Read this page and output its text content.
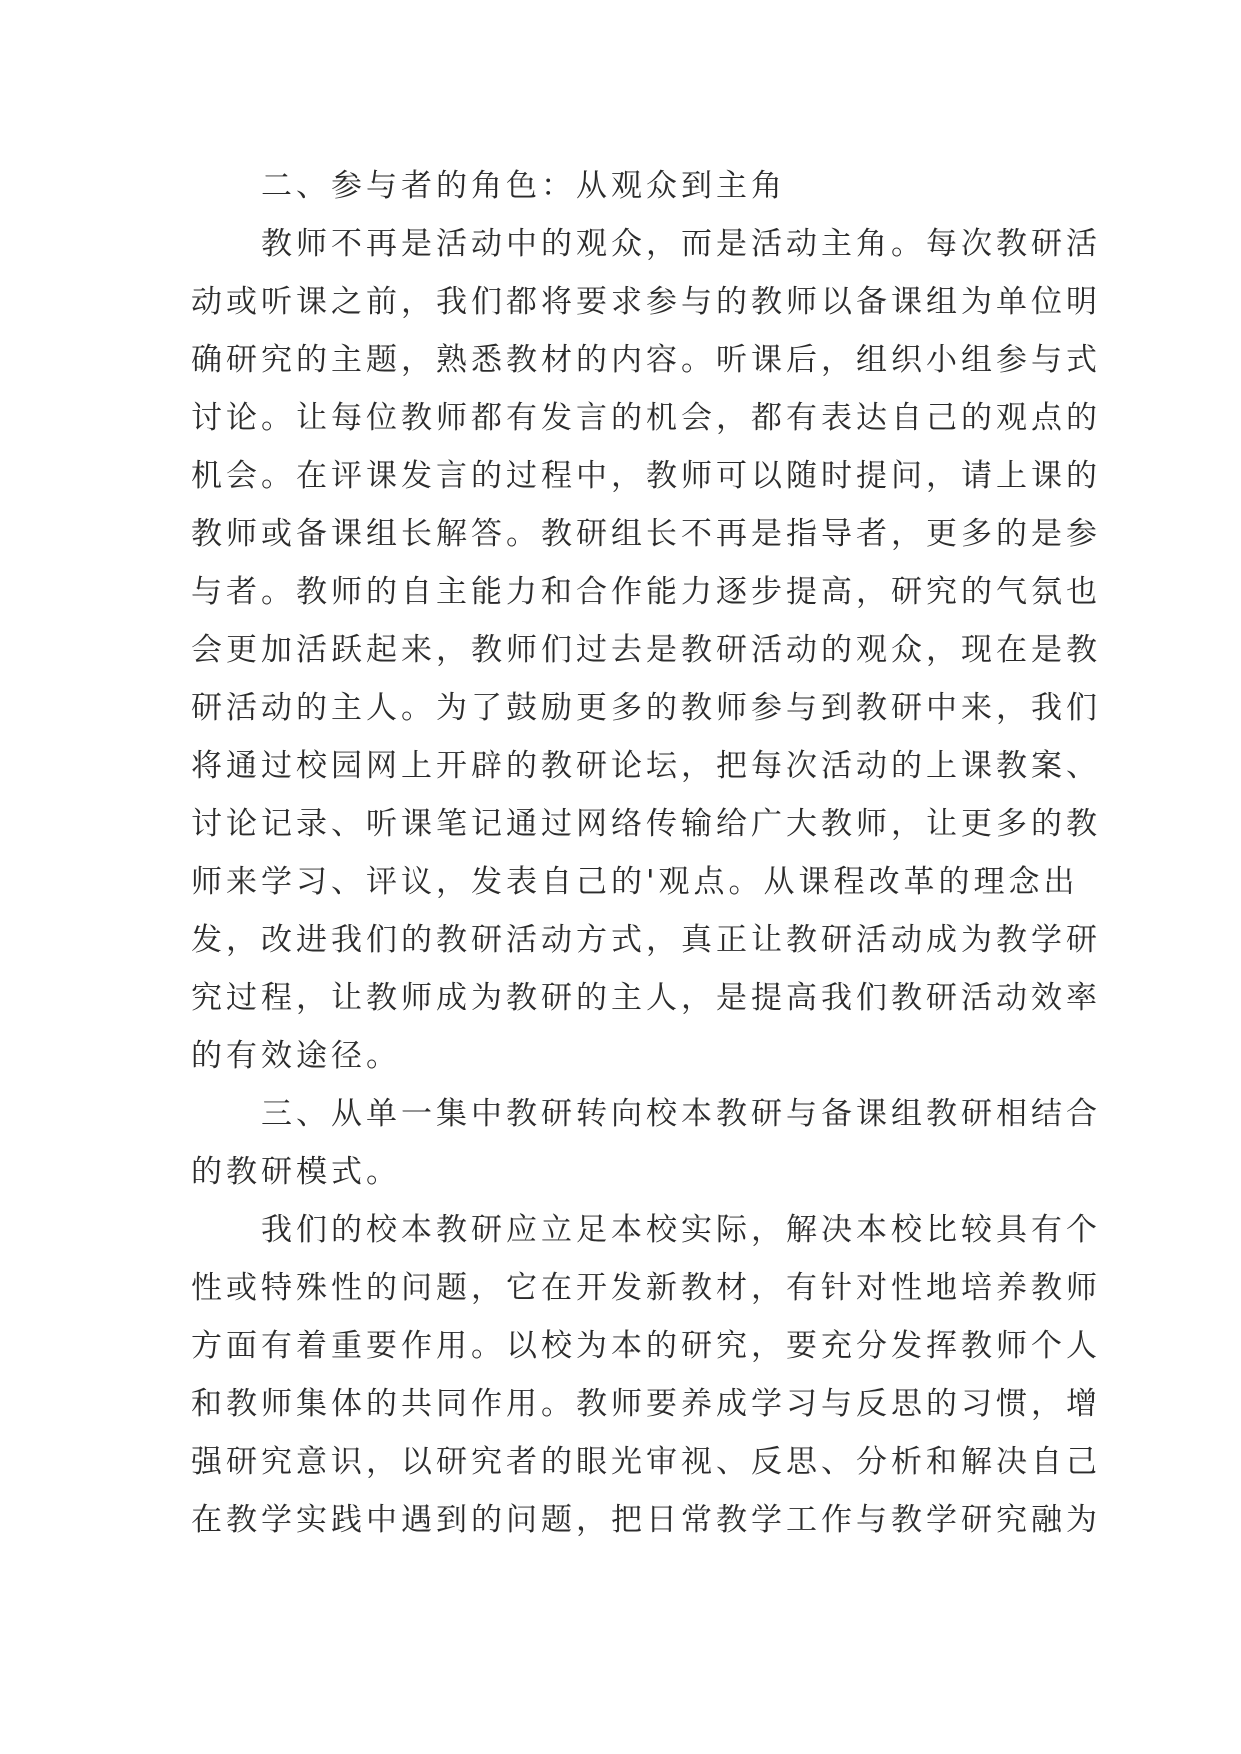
二、参与者的角色：从观众到主角
教师不再是活动中的观众，而是活动主角。每次教研活
动或听课之前，我们都将要求参与的教师以备课组为单位明
确研究的主题，熟悉教材的内容。听课后，组织小组参与式
讨论。让每位教师都有发言的机会，都有表达自己的观点的
机会。在评课发言的过程中，教师可以随时提问，请上课的
教师或备课组长解答。教研组长不再是指导者，更多的是参
与者。教师的自主能力和合作能力逐步提高，研究的气氛也
会更加活跃起来，教师们过去是教研活动的观众，现在是教
研活动的主人。为了鼓励更多的教师参与到教研中来，我们
将通过校园网上开辟的教研论坛，把每次活动的上课教案、
讨论记录、听课笔记通过网络传输给广大教师，让更多的教
师来学习、评议，发表自己的'观点。从课程改革的理念出
发，改进我们的教研活动方式，真正让教研活动成为教学研
究过程，让教师成为教研的主人，是提高我们教研活动效率
的有效途径。
三、从单一集中教研转向校本教研与备课组教研相结合
的教研模式。
我们的校本教研应立足本校实际，解决本校比较具有个
性或特殊性的问题，它在开发新教材，有针对性地培养教师
方面有着重要作用。以校为本的研究，要充分发挥教师个人
和教师集体的共同作用。教师要养成学习与反思的习惯，增
强研究意识，以研究者的眼光审视、反思、分析和解决自己
在教学实践中遇到的问题，把日常教学工作与教学研究融为
